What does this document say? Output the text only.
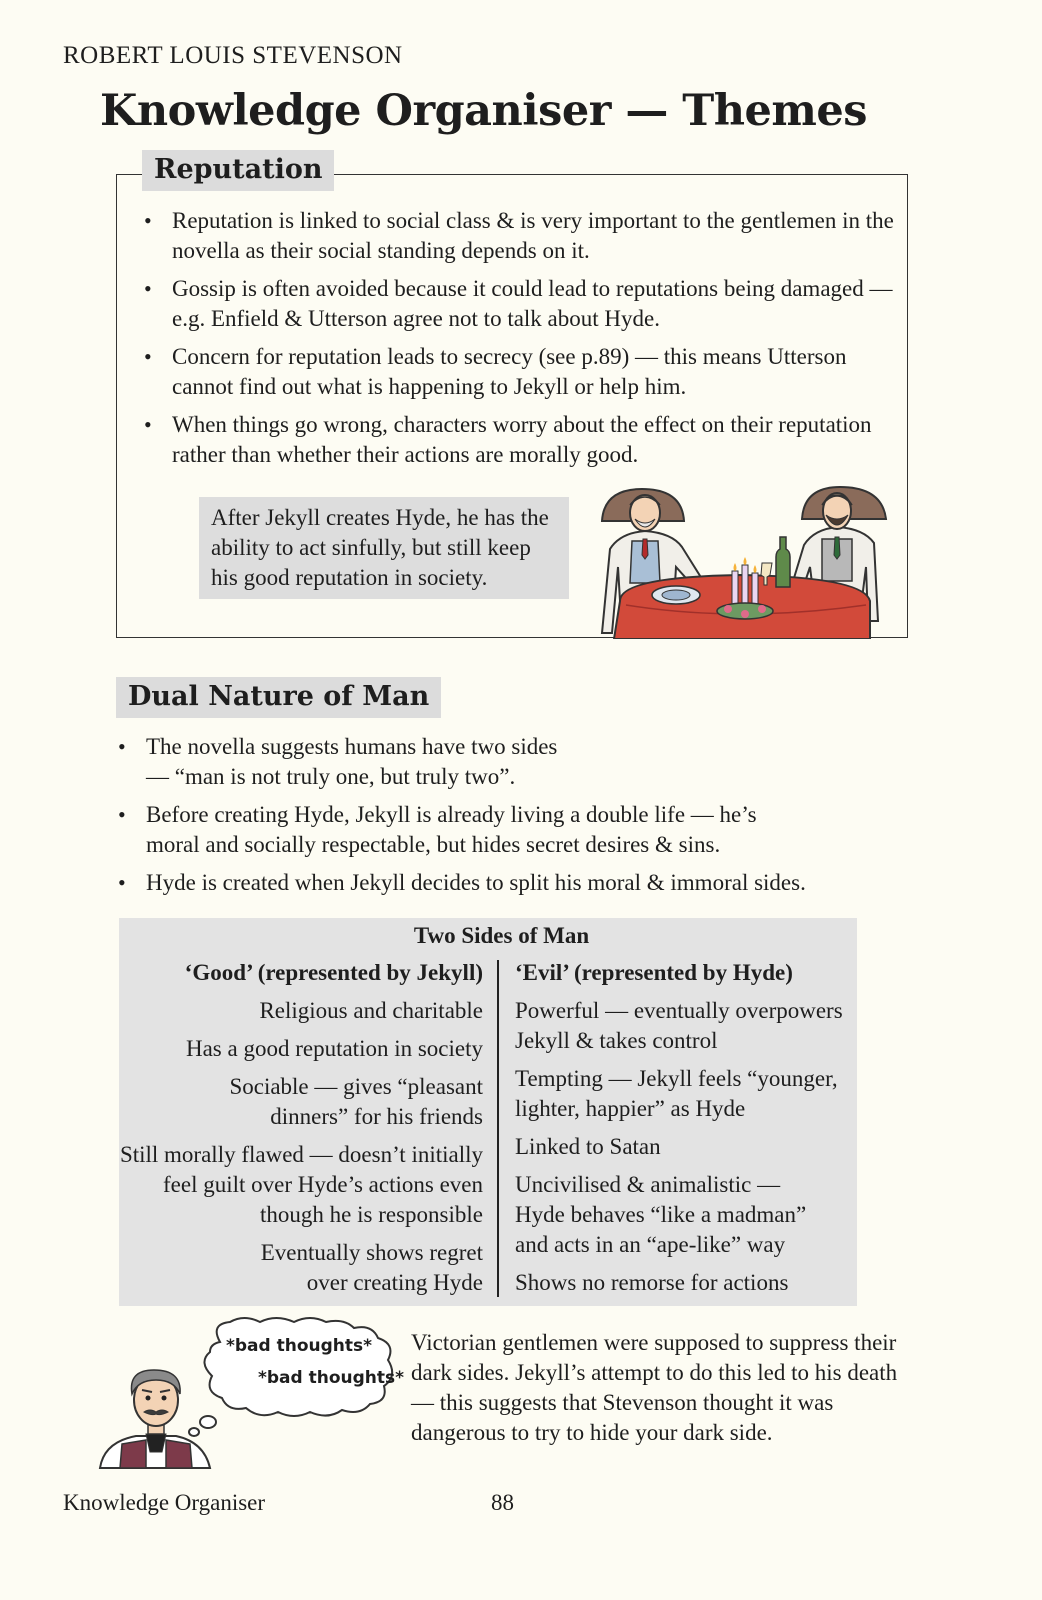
ROBERT LOUIS STEVENSON
Knowledge Organiser — Themes
Reputation
• Reputation is linked to social class & is very important to the gentlemen in the novella as their social standing depends on it.
• Gossip is often avoided because it could lead to reputations being damaged — e.g. Enfield & Utterson agree not to talk about Hyde.
• Concern for reputation leads to secrecy (see p.89) — this means Utterson cannot find out what is happening to Jekyll or help him.
• When things go wrong, characters worry about the effect on their reputation rather than whether their actions are morally good.
After Jekyll creates Hyde, he has the ability to act sinfully, but still keep his good reputation in society.
Dual Nature of Man
• The novella suggests humans have two sides — “man is not truly one, but truly two”.
• Before creating Hyde, Jekyll is already living a double life — he’s moral and socially respectable, but hides secret desires & sins.
• Hyde is created when Jekyll decides to split his moral & immoral sides.
Two Sides of Man
‘Good’ (represented by Jekyll)
Religious and charitable
Has a good reputation in society
Sociable — gives “pleasant dinners” for his friends
Still morally flawed — doesn’t initially feel guilt over Hyde’s actions even though he is responsible
Eventually shows regret over creating Hyde
‘Evil’ (represented by Hyde)
Powerful — eventually overpowers Jekyll & takes control
Tempting — Jekyll feels “younger, lighter, happier” as Hyde
Linked to Satan
Uncivilised & animalistic — Hyde behaves “like a madman” and acts in an “ape-like” way
Shows no remorse for actions
*bad thoughts*
*bad thoughts*
Victorian gentlemen were supposed to suppress their dark sides. Jekyll’s attempt to do this led to his death — this suggests that Stevenson thought it was dangerous to try to hide your dark side.
Knowledge Organiser	88
